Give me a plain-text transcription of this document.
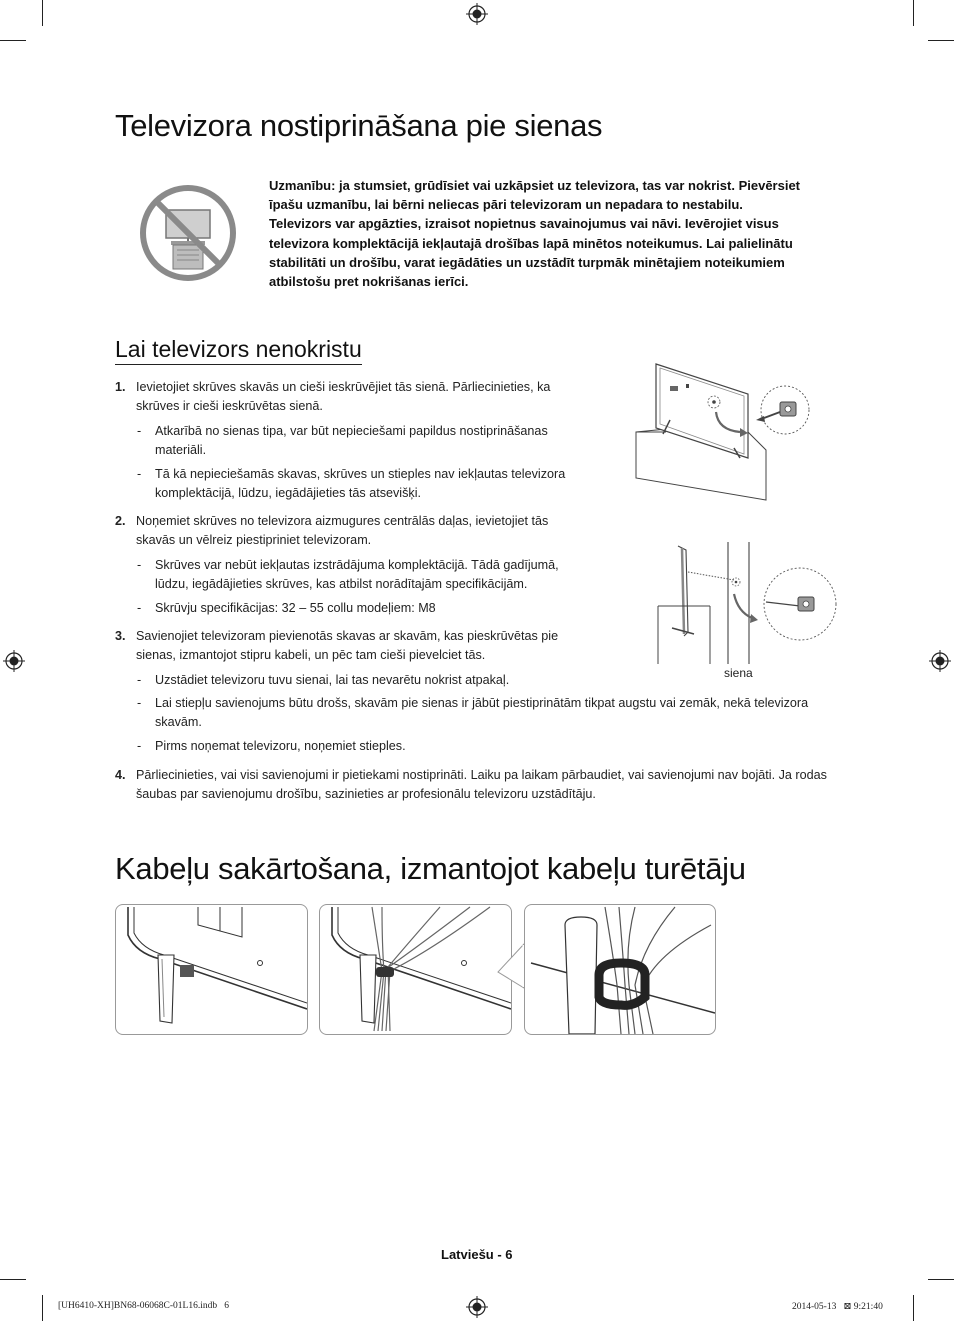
Televizora nostiprināšana pie sienas
Uzmanību: ja stumsiet, grūdīsiet vai uzkāpsiet uz televizora, tas var nokrist. Pievērsiet īpašu uzmanību, lai bērni neliecas pāri televizoram un nepadara to nestabilu. Televizors var apgāzties, izraisot nopietnus savainojumus vai nāvi. Ievērojiet visus televizora komplektācijā iekļautajā drošības lapā minētos noteikumus. Lai palielinātu stabilitāti un drošību, varat iegādāties un uzstādīt turpmāk minētajiem noteikumiem atbilstošu pret nokrišanas ierīci.
Lai televizors nenokristu
1. Ievietojiet skrūves skavās un cieši ieskrūvējiet tās sienā. Pārliecinieties, ka skrūves ir cieši ieskrūvētas sienā.
-	Atkarībā no sienas tipa, var būt nepieciešami papildus nostiprināšanas materiāli.
-	Tā kā nepieciešamās skavas, skrūves un stieples nav iekļautas televizora komplektācijā, lūdzu, iegādājieties tās atsevišķi.
2. Noņemiet skrūves no televizora aizmugures centrālās daļas, ievietojiet tās skavās un vēlreiz piestipriniet televizoram.
-	Skrūves var nebūt iekļautas izstrādājuma komplektācijā. Tādā gadījumā, lūdzu, iegādājieties skrūves, kas atbilst norādītajām specifikācijām.
-	Skrūvju specifikācijas: 32 – 55 collu modeļiem: M8
3. Savienojiet televizoram pievienotās skavas ar skavām, kas pieskrūvētas pie sienas, izmantojot stipru kabeli, un pēc tam cieši pievelciet tās.
-	Uzstādiet televizoru tuvu sienai, lai tas nevarētu nokrist atpakaļ.
-	Lai stiepļu savienojums būtu drošs, skavām pie sienas ir jābūt piestiprinātām tikpat augstu vai zemāk, nekā televizora skavām.
-	Pirms noņemat televizoru, noņemiet stieples.
4. Pārliecinieties, vai visi savienojumi ir pietiekami nostiprināti. Laiku pa laikam pārbaudiet, vai savienojumi nav bojāti. Ja rodas šaubas par savienojumu drošību, sazinieties ar profesionālu televizoru uzstādītāju.
siena
Kabeļu sakārtošana, izmantojot kabeļu turētāju
Latviešu - 6
[UH6410-XH]BN68-06068C-01L16.indb   6	2014-05-13   ⊠ 9:21:40
